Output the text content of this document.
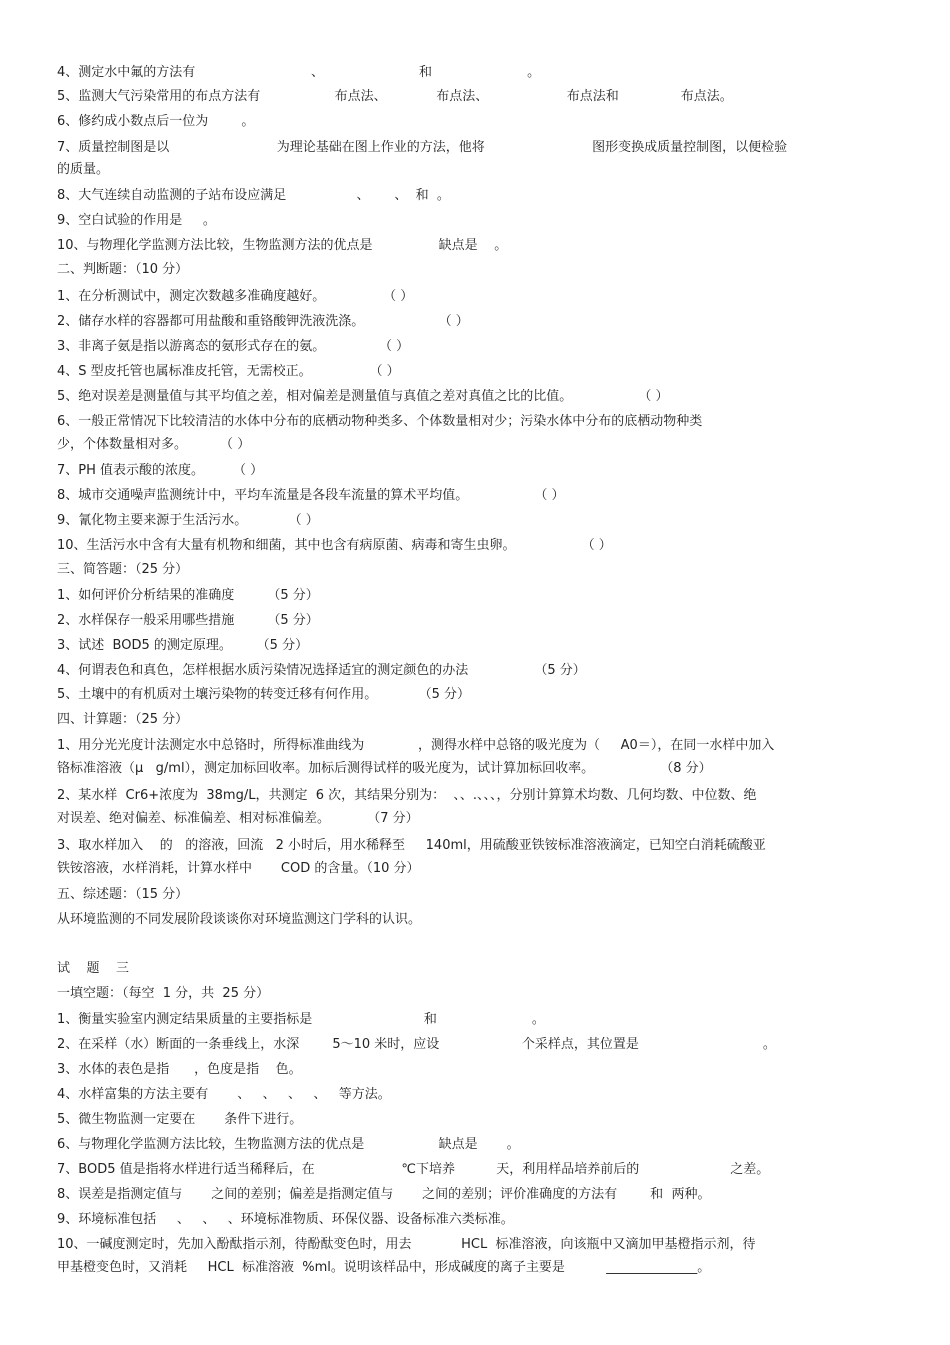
4、测定水中氟的方法有                            、                       和                       。
5、监测大气污染常用的布点方法有                  布点法、            布点法、                   布点法和               布点法。
6、修约成小数点后一位为        。
7、质量控制图是以                          为理论基础在图上作业的方法，他将                          图形变换成质量控制图，以便检验
的质量。
8、大气连续自动监测的子站布设应满足                 、      、  和  。
9、空白试验的作用是     。
10、与物理化学监测方法比较，生物监测方法的优点是                缺点是    。
二、判断题：（10 分）
1、在分析测试中，测定次数越多准确度越好。              （ ）
2、储存水样的容器都可用盐酸和重铬酸钾洗液洗涤。                  （ ）
3、非离子氨是指以游离态的氨形式存在的氨。             （ ）
4、S 型皮托管也属标准皮托管，无需校正。              （ ）
5、绝对误差是测量值与其平均值之差，相对偏差是测量值与真值之差对真值之比的比值。                （ ）
6、一般正常情况下比较清洁的水体中分布的底栖动物种类多、个体数量相对少；污染水体中分布的底栖动物种类
少，个体数量相对多。        （ ）
7、PH 值表示酸的浓度。       （ ）
8、城市交通噪声监测统计中，平均车流量是各段车流量的算术平均值。                （ ）
9、氰化物主要来源于生活污水。          （ ）
10、生活污水中含有大量有机物和细菌，其中也含有病原菌、病毒和寄生虫卵。                （ ）
三、简答题：（25 分）
1、如何评价分析结果的准确度        （5 分）
2、水样保存一般采用哪些措施        （5 分）
3、试述  BOD5 的测定原理。      （5 分）
4、何谓表色和真色，怎样根据水质污染情况选择适宜的测定颜色的办法                （5 分）
5、土壤中的有机质对土壤污染物的转变迁移有何作用。          （5 分）
四、计算题：（25 分）
1、用分光光度计法测定水中总铬时，所得标准曲线为             ，测得水样中总铬的吸光度为（     A0＝），在同一水样中加入
铬标准溶液（μ   g/ml），测定加标回收率。加标后测得试样的吸光度为，试计算加标回收率。                （8 分）
2、某水样  Cr6+浓度为  38mg/L，共测定  6 次，其结果分别为：  、、.、、、，分别计算算术均数、几何均数、中位数、绝
对误差、绝对偏差、标准偏差、相对标准偏差。         （7 分）
3、取水样加入    的   的溶液，回流   2 小时后，用水稀释至     140ml，用硫酸亚铁铵标准溶液滴定，已知空白消耗硫酸亚
铁铵溶液，水样消耗，计算水样中       COD 的含量。（10 分）
五、综述题：（15 分）
从环境监测的不同发展阶段谈谈你对环境监测这门学科的认识。
试    题    三
一填空题：（每空  1 分，共  25 分）
1、衡量实验室内测定结果质量的主要指标是                           和                       。
2、在采样（水）断面的一条垂线上，水深        5～10 米时，应设                    个采样点，其位置是                              。
3、水体的表色是指      ，色度是指    色。
4、水样富集的方法主要有       、   、   、   、   等方法。
5、微生物监测一定要在       条件下进行。
6、与物理化学监测方法比较，生物监测方法的优点是                  缺点是       。
7、BOD5 值是指将水样进行适当稀释后，在                     ℃下培养          天，利用样品培养前后的                      之差。
8、误差是指测定值与       之间的差别；偏差是指测定值与       之间的差别；评价准确度的方法有        和  两种。
9、环境标准包括     、   、   、环境标准物质、环保仪器、设备标准六类标准。
10、一碱度测定时，先加入酚酞指示剂，待酚酞变色时，用去            HCL  标准溶液，向该瓶中又滴加甲基橙指示剂，待
甲基橙变色时，又消耗     HCL  标准溶液  %ml。说明该样品中，形成碱度的离子主要是          ______________。
